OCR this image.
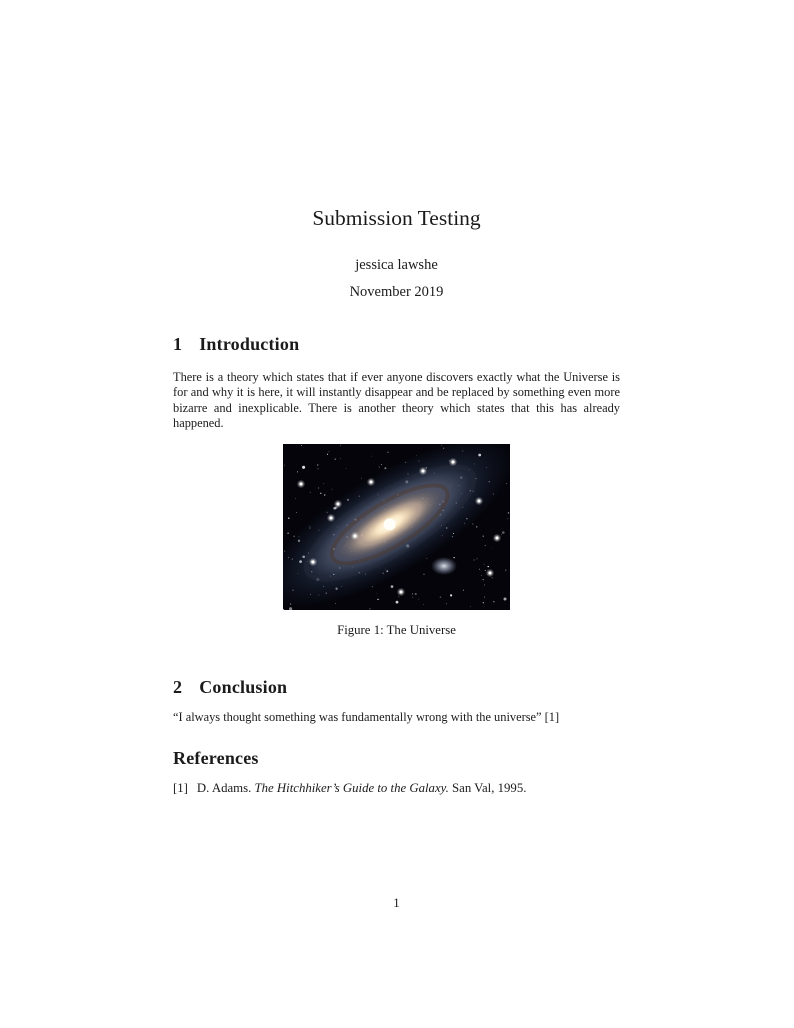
Submission Testing
jessica lawshe
November 2019
1 Introduction

There is a theory which states that if ever anyone discovers exactly what the Universe is for and why it is here, it will instantly disappear and be replaced by something even more bizarre and inexplicable. There is another theory which states that this has already happened.

Figure 1: The Universe
2 Conclusion

“I always thought something was fundamentally wrong with the universe” [1]

References
[1] D. Adams. The Hitchhiker’s Guide to the Galaxy. San Val, 1995.
1
